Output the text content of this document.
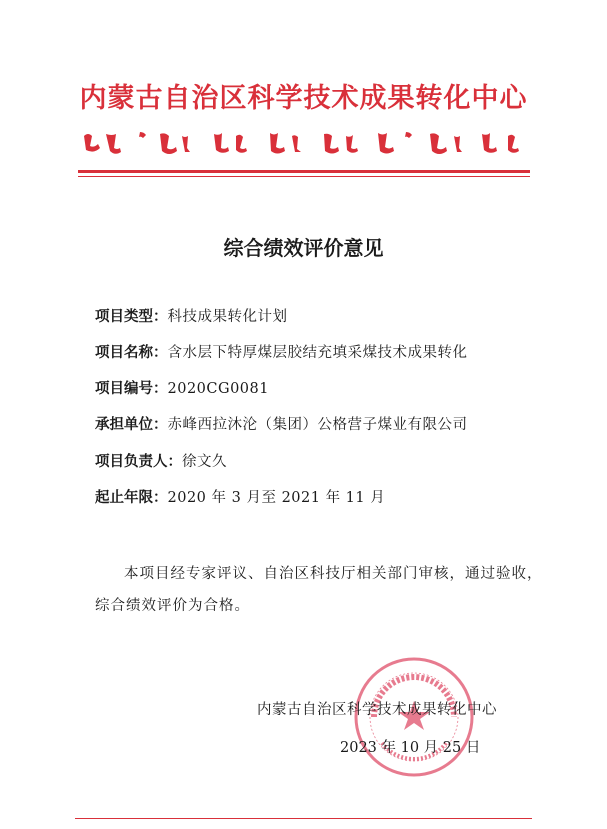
内蒙古自治区科学技术成果转化中心
综合绩效评价意见
项目类型：科技成果转化计划
项目名称：含水层下特厚煤层胶结充填采煤技术成果转化
项目编号：2020CG0081
承担单位：赤峰西拉沐沦（集团）公格营子煤业有限公司
项目负责人：徐文久
起止年限：2020 年 3 月至 2021 年 11 月
本项目经专家评议、自治区科技厅相关部门审核，通过验收，综合绩效评价为合格。
内蒙古自治区科学技术成果转化中心
2023 年 10 月 25 日
